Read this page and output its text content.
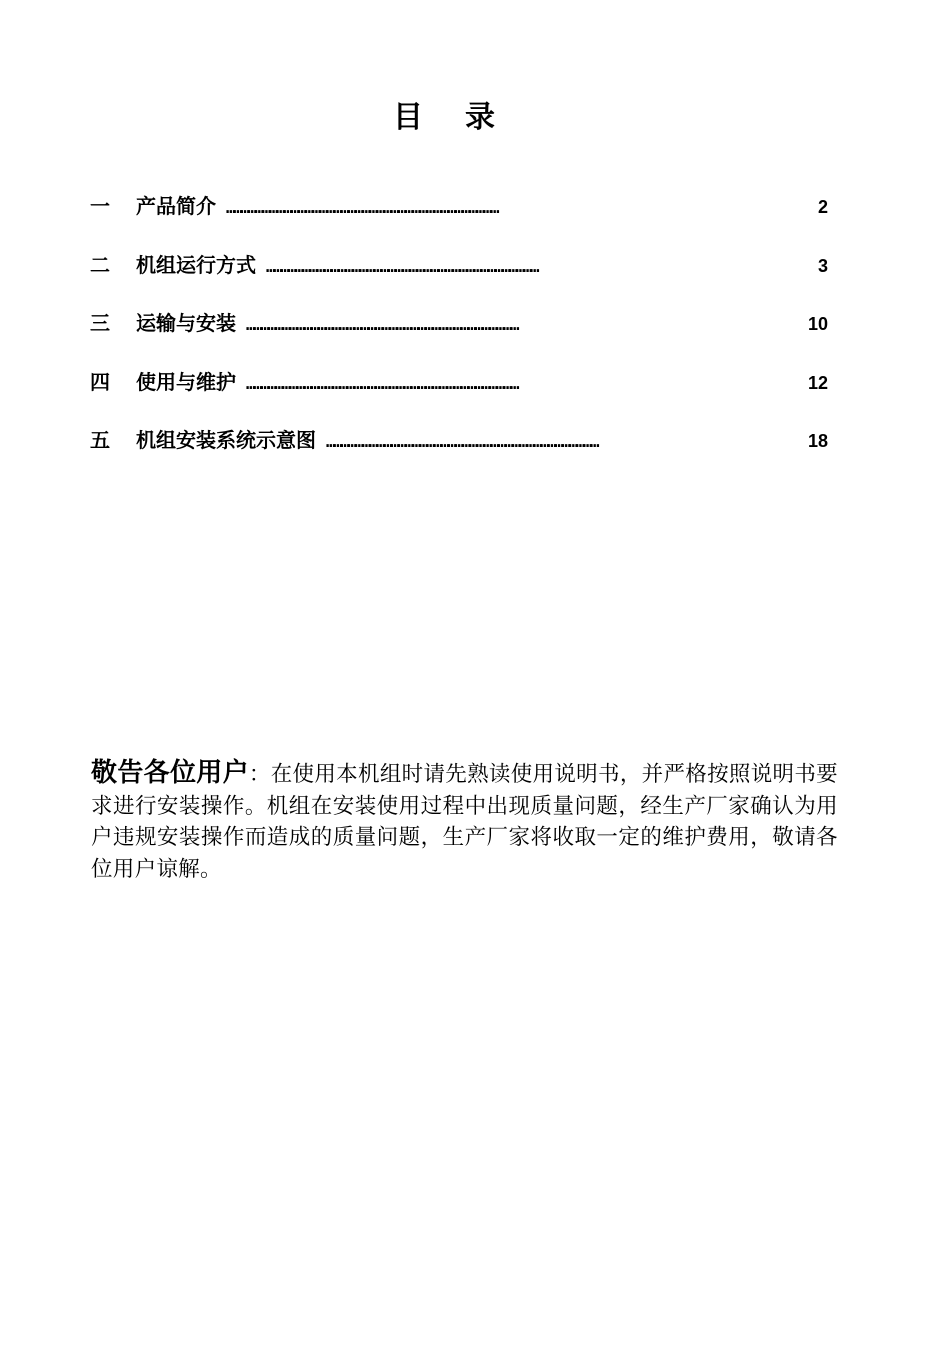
目录
一	产品简介 ……………………………………………………………………………………………………	2
二	机组运行方式 ……………………………………………………………………………………………………	3
三	运输与安装 ……………………………………………………………………………………………………	10
四	使用与维护 ……………………………………………………………………………………………………	12
五	机组安装系统示意图 ……………………………………………………………………………………………………	18
敬告各位用户：在使用本机组时请先熟读使用说明书，并严格按照说明书要求进行安装操作。机组在安装使用过程中出现质量问题，经生产厂家确认为用户违规安装操作而造成的质量问题，生产厂家将收取一定的维护费用，敬请各位用户谅解。
